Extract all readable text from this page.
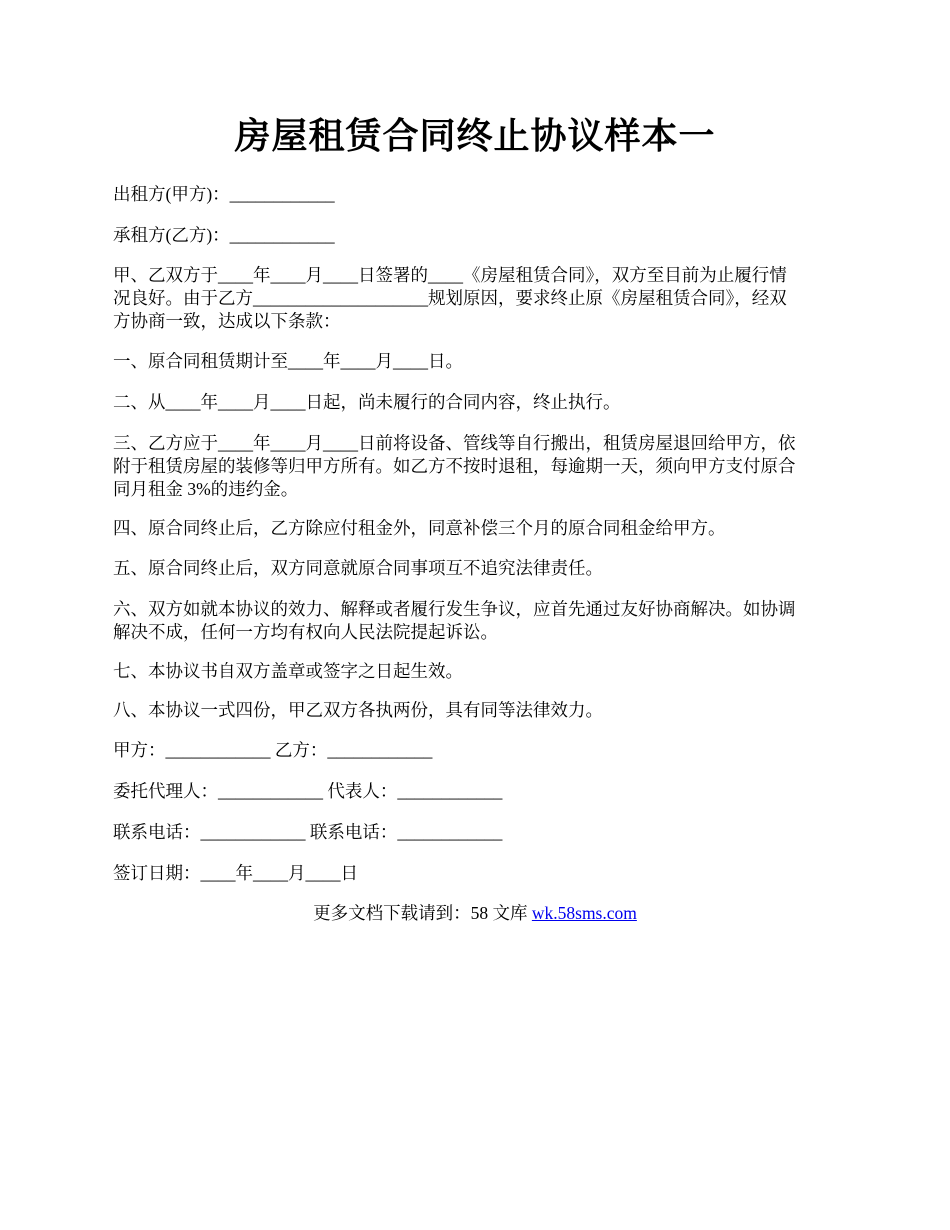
房屋租赁合同终止协议样本一

出租方(甲方)：____________

承租方(乙方)：____________

甲、乙双方于____年____月____日签署的____《房屋租赁合同》，双方至目前为止履行情
况良好。由于乙方____________________规划原因，要求终止原《房屋租赁合同》，经双
方协商一致，达成以下条款：

一、原合同租赁期计至____年____月____日。

二、从____年____月____日起，尚未履行的合同内容，终止执行。

三、乙方应于____年____月____日前将设备、管线等自行搬出，租赁房屋退回给甲方，依
附于租赁房屋的装修等归甲方所有。如乙方不按时退租，每逾期一天，须向甲方支付原合
同月租金 3%的违约金。

四、原合同终止后，乙方除应付租金外，同意补偿三个月的原合同租金给甲方。

五、原合同终止后，双方同意就原合同事项互不追究法律责任。

六、双方如就本协议的效力、解释或者履行发生争议，应首先通过友好协商解决。如协调
解决不成，任何一方均有权向人民法院提起诉讼。

七、本协议书自双方盖章或签字之日起生效。

八、本协议一式四份，甲乙双方各执两份，具有同等法律效力。

甲方：____________ 乙方：____________

委托代理人：____________ 代表人：____________

联系电话：____________ 联系电话：____________

签订日期：____年____月____日

更多文档下载请到：58 文库 wk.58sms.com
